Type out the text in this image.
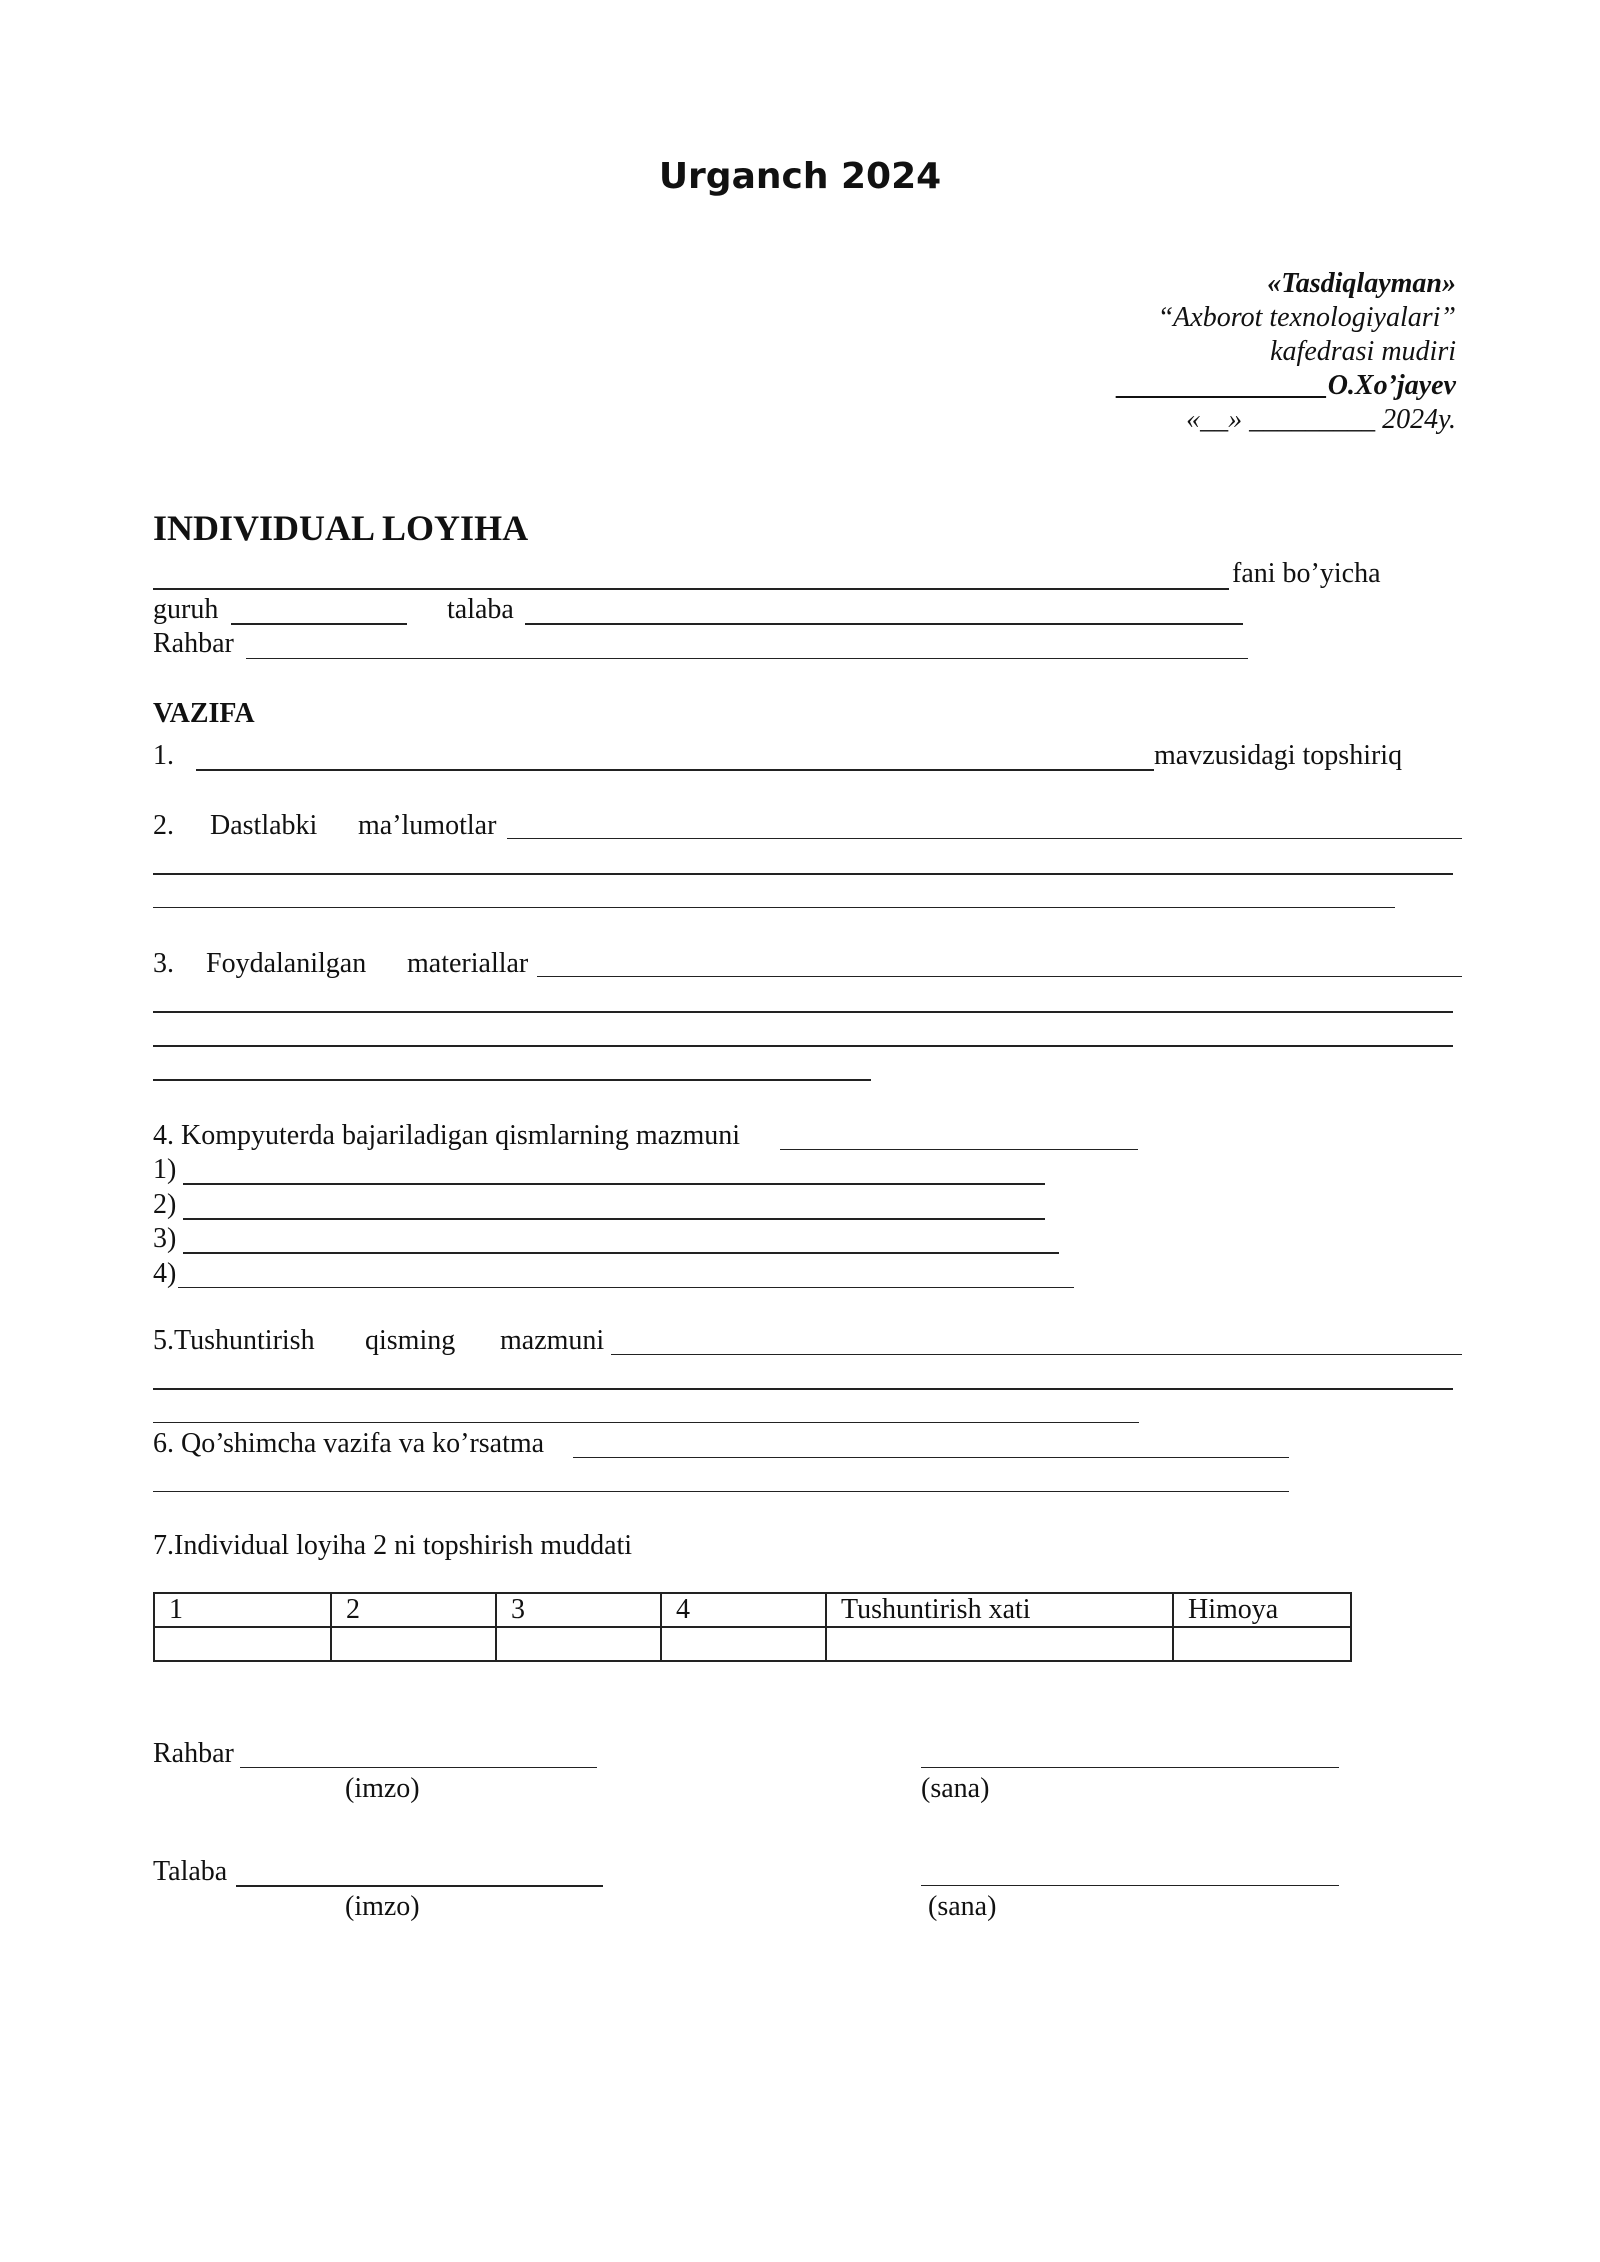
Urganch 2024
«Tasdiqlayman»
“Axborot texnologiyalari”
kafedrasi mudiri
_______________O.Xo’jayev
«__» _________ 2024y.
INDIVIDUAL LOYIHA
fani bo’yicha
guruh	talaba
Rahbar
VAZIFA
1.	mavzusidagi topshiriq
2. Dastlabki ma’lumotlar
3. Foydalanilgan materiallar
4. Kompyuterda bajariladigan qismlarning mazmuni
1)
2)
3)
4)
5.Tushuntirish qisming mazmuni
6. Qo’shimcha vazifa va ko’rsatma
7.Individual loyiha 2 ni topshirish muddati
1	2	3	4	Tushuntirish xati	Himoya

Rahbar
(imzo)	(sana)
Talaba
(imzo)	(sana)
